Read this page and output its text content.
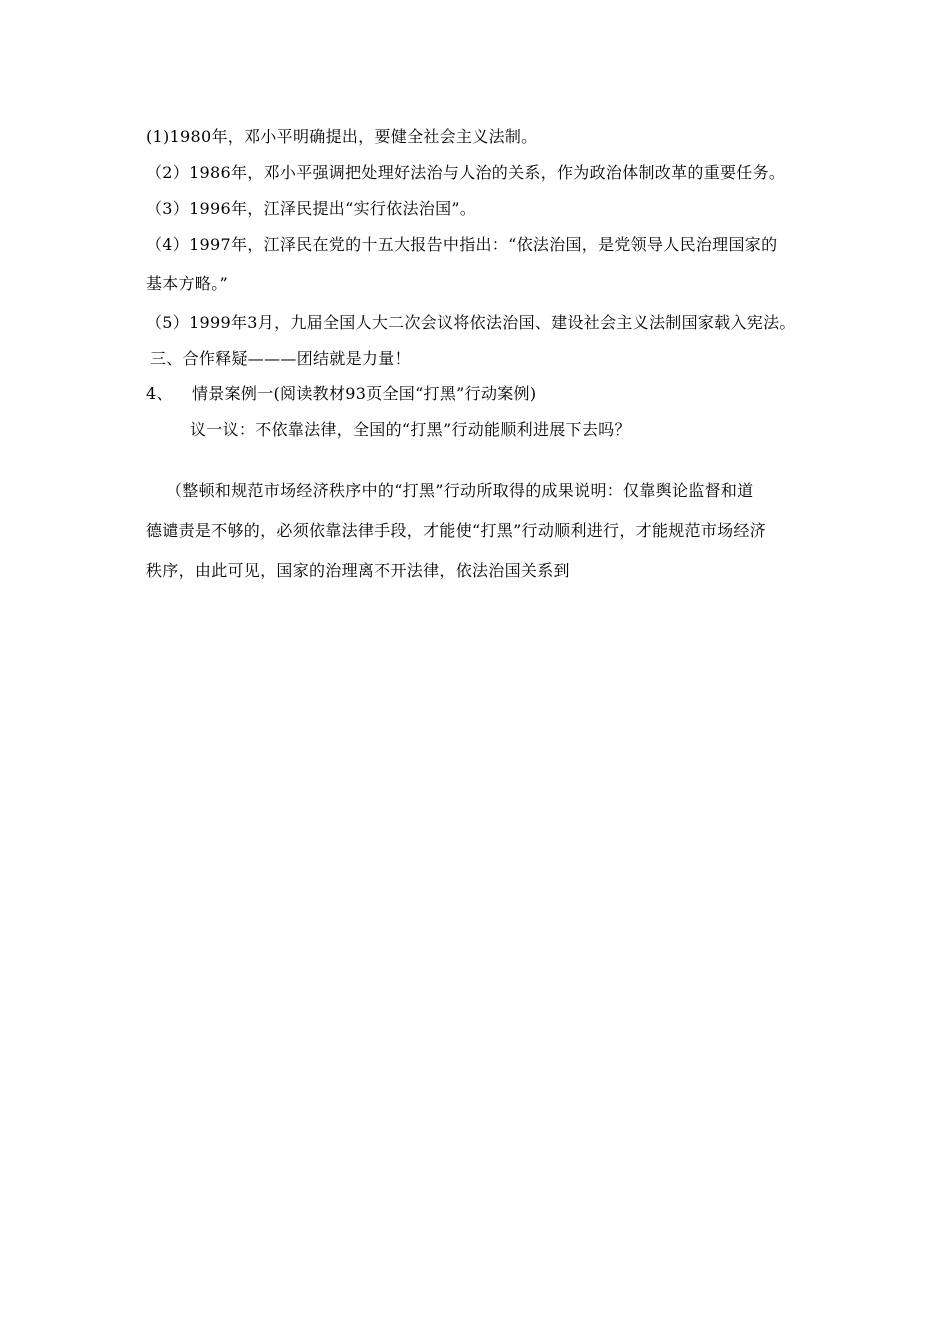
(1)1980年，邓小平明确提出，要健全社会主义法制。
（2）1986年，邓小平强调把处理好法治与人治的关系，作为政治体制改革的重要任务。
（3）1996年，江泽民提出“实行依法治国”。
（4）1997年，江泽民在党的十五大报告中指出：“依法治国，是党领导人民治理国家的
基本方略。”
（5）1999年3月，九届全国人大二次会议将依法治国、建设社会主义法制国家载入宪法。
三、合作释疑———团结就是力量！
4、 情景案例一(阅读教材93页全国“打黑”行动案例)
议一议：不依靠法律，全国的“打黑”行动能顺利进展下去吗？
（整顿和规范市场经济秩序中的“打黑”行动所取得的成果说明：仅靠舆论监督和道
德谴责是不够的，必须依靠法律手段，才能使“打黑”行动顺利进行，才能规范市场经济
秩序，由此可见，国家的治理离不开法律，依法治国关系到
